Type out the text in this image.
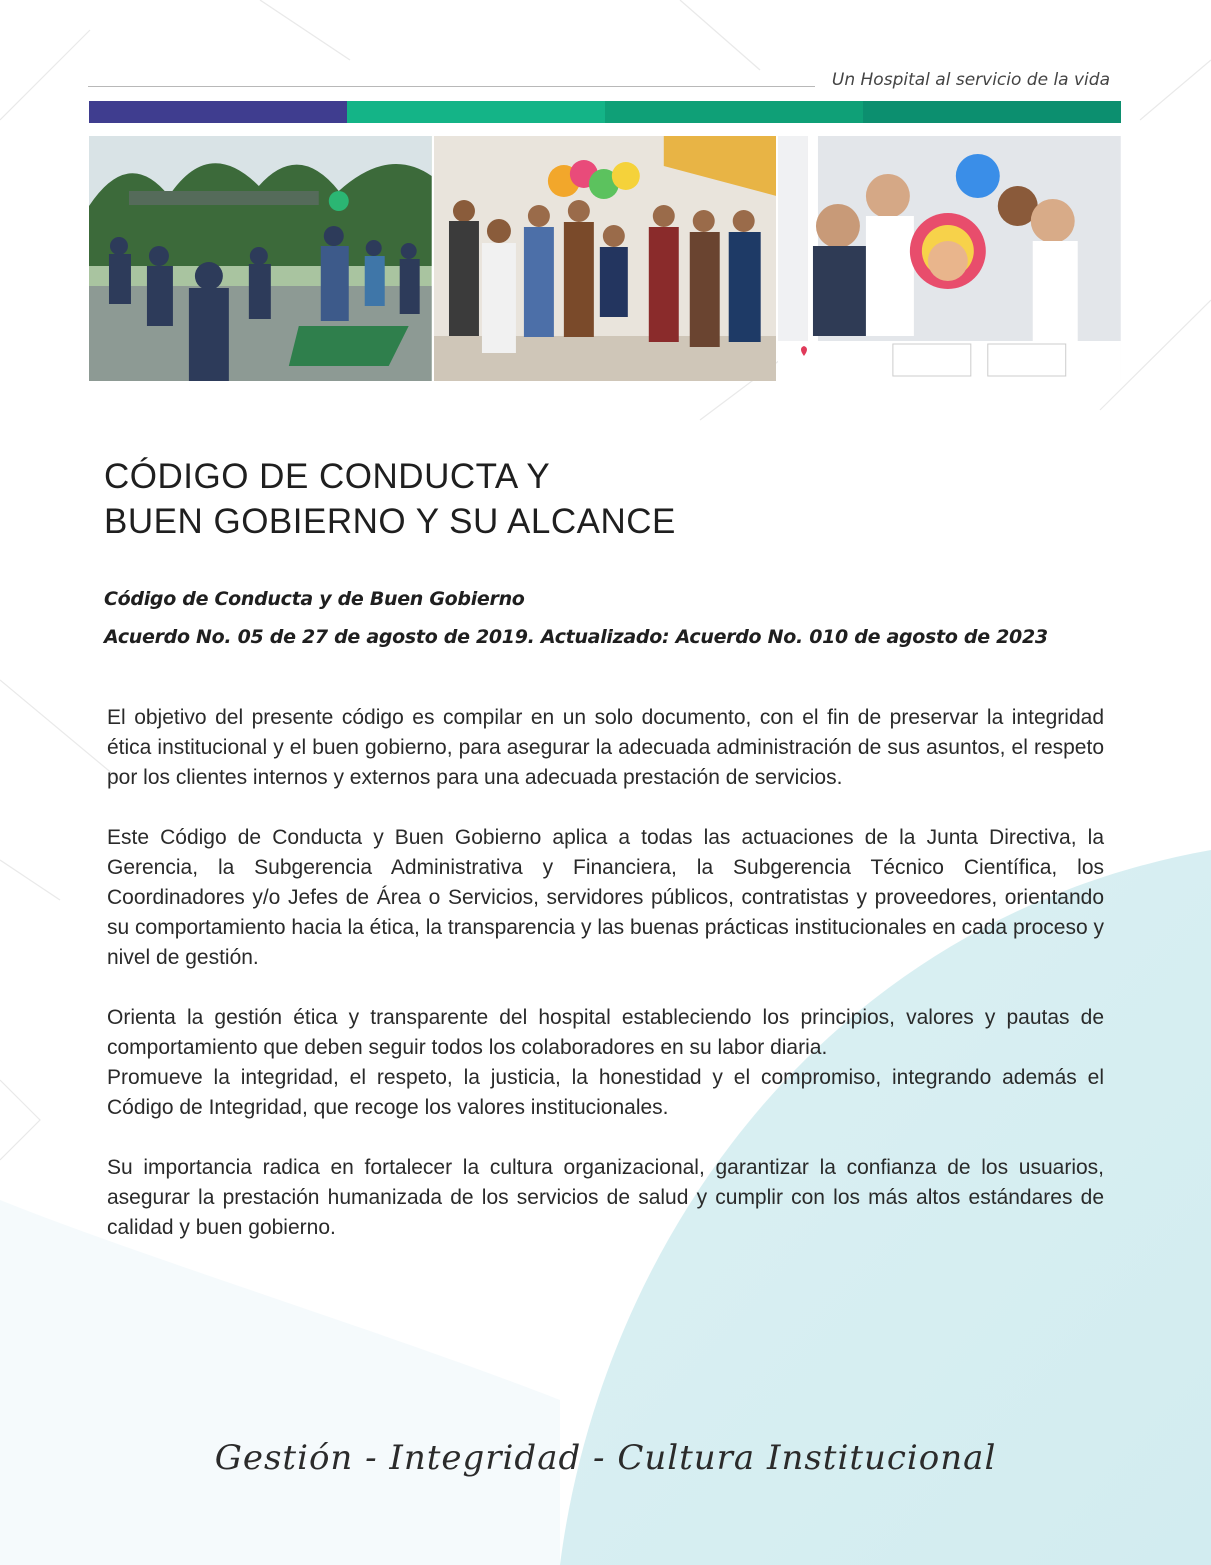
Un Hospital al servicio de la vida
CÓDIGO DE CONDUCTA Y
BUEN GOBIERNO Y SU ALCANCE
Código de Conducta y de Buen Gobierno
Acuerdo No. 05 de 27 de agosto de 2019. Actualizado: Acuerdo No. 010 de agosto de 2023

El objetivo del presente código es compilar en un solo documento, con el fin de preservar la integridad ética institucional y el buen gobierno, para asegurar la adecuada administración de sus asuntos, el respeto por los clientes internos y externos para una adecuada prestación de servicios.

Este Código de Conducta y Buen Gobierno aplica a todas las actuaciones de la Junta Directiva, la Gerencia, la Subgerencia Administrativa y Financiera, la Subgerencia Técnico Científica, los Coordinadores y/o Jefes de Área o Servicios, servidores públicos, contratistas y proveedores, orientando su comportamiento hacia la ética, la transparencia y las buenas prácticas institucionales en cada proceso y nivel de gestión.

Orienta la gestión ética y transparente del hospital estableciendo los principios, valores y pautas de comportamiento que deben seguir todos los colaboradores en su labor diaria.

Promueve la integridad, el respeto, la justicia, la honestidad y el compromiso, integrando además el Código de Integridad, que recoge los valores institucionales.

Su importancia radica en fortalecer la cultura organizacional, garantizar la confianza de los usuarios, asegurar la prestación humanizada de los servicios de salud y cumplir con los más altos estándares de calidad y buen gobierno.

Gestión - Integridad - Cultura Institucional
